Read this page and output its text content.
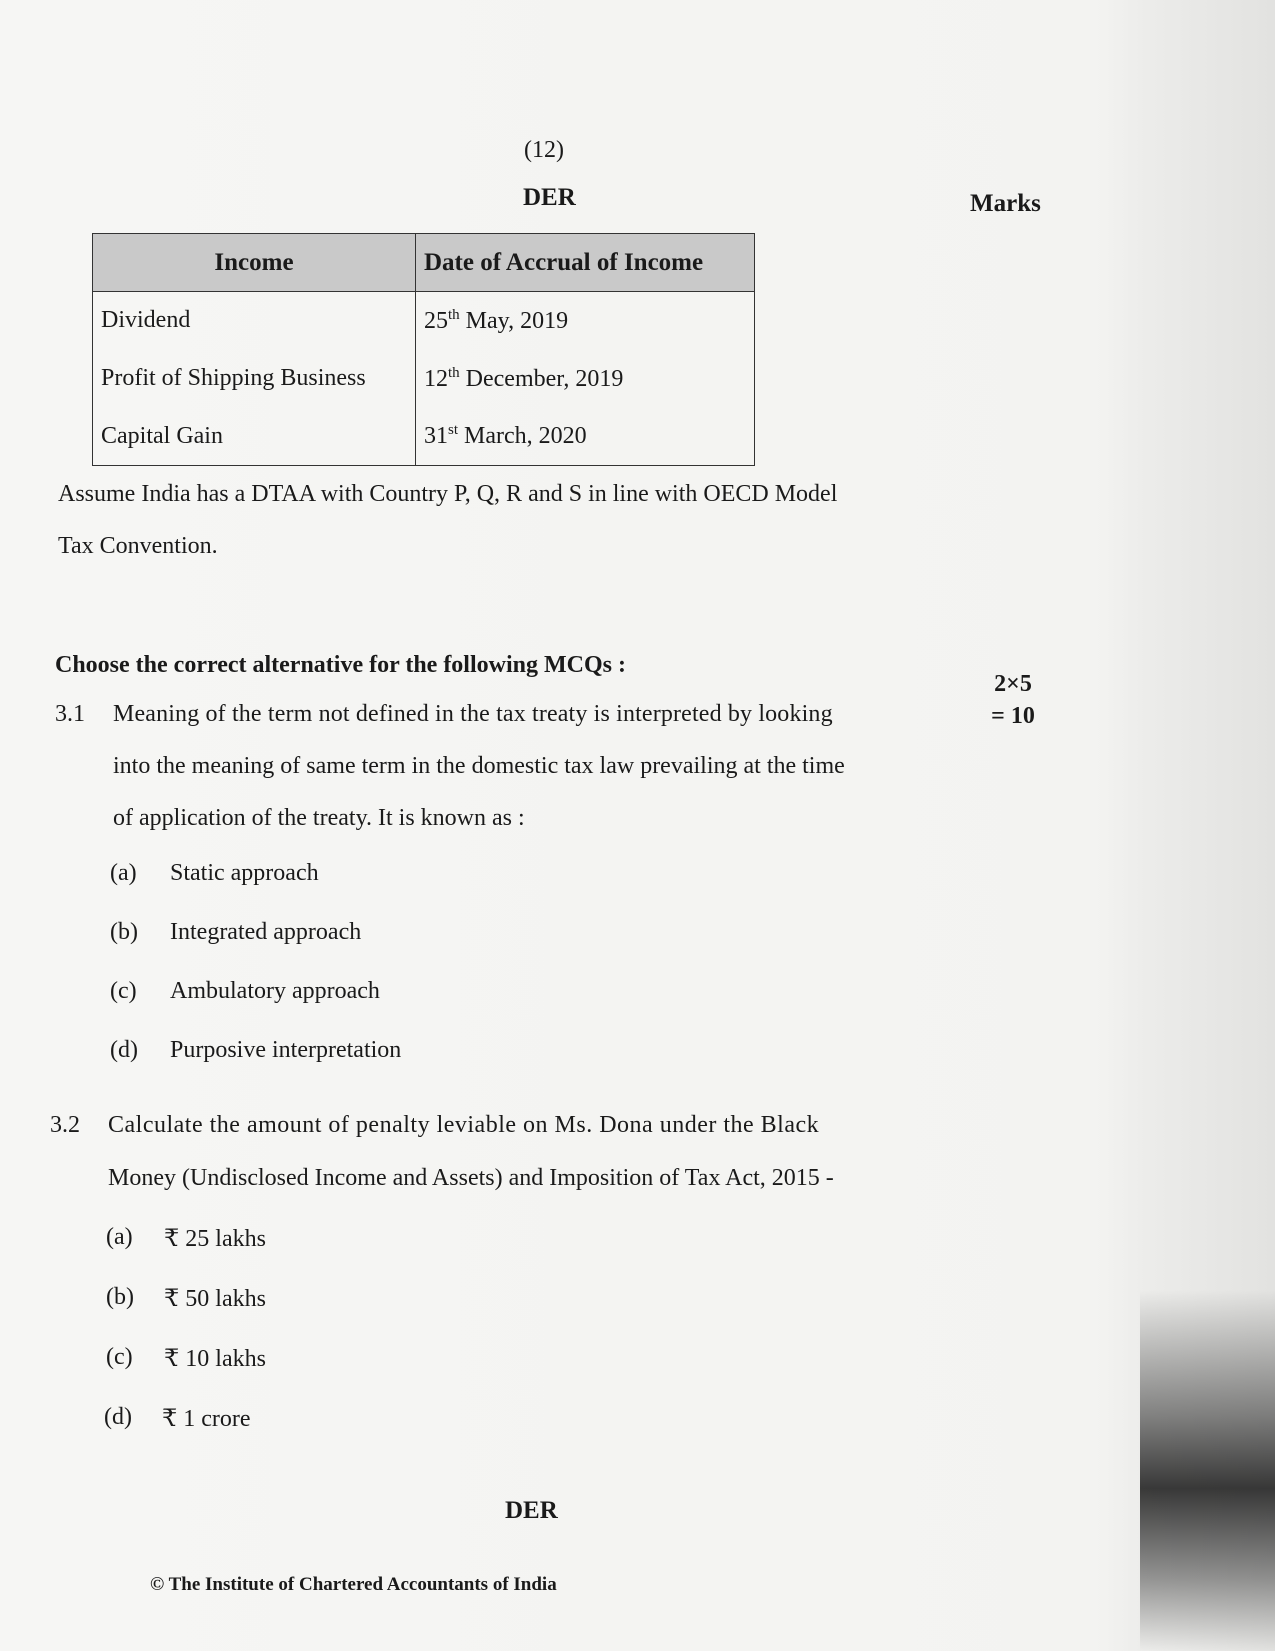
(12)
DER	Marks
Income	Date of Accrual of Income
Dividend	25th May, 2019
Profit of Shipping Business	12th December, 2019
Capital Gain	31st March, 2020
Assume India has a DTAA with Country P, Q, R and S in line with OECD Model
Tax Convention.
Choose the correct alternative for the following MCQs :
2×5
= 10
3.1 Meaning of the term not defined in the tax treaty is interpreted by looking
into the meaning of same term in the domestic tax law prevailing at the time
of application of the treaty. It is known as :
(a) Static approach
(b) Integrated approach
(c) Ambulatory approach
(d) Purposive interpretation
3.2 Calculate the amount of penalty leviable on Ms. Dona under the Black
Money (Undisclosed Income and Assets) and Imposition of Tax Act, 2015 -
(a) ₹ 25 lakhs
(b) ₹ 50 lakhs
(c) ₹ 10 lakhs
(d) ₹ 1 crore
DER
© The Institute of Chartered Accountants of India
